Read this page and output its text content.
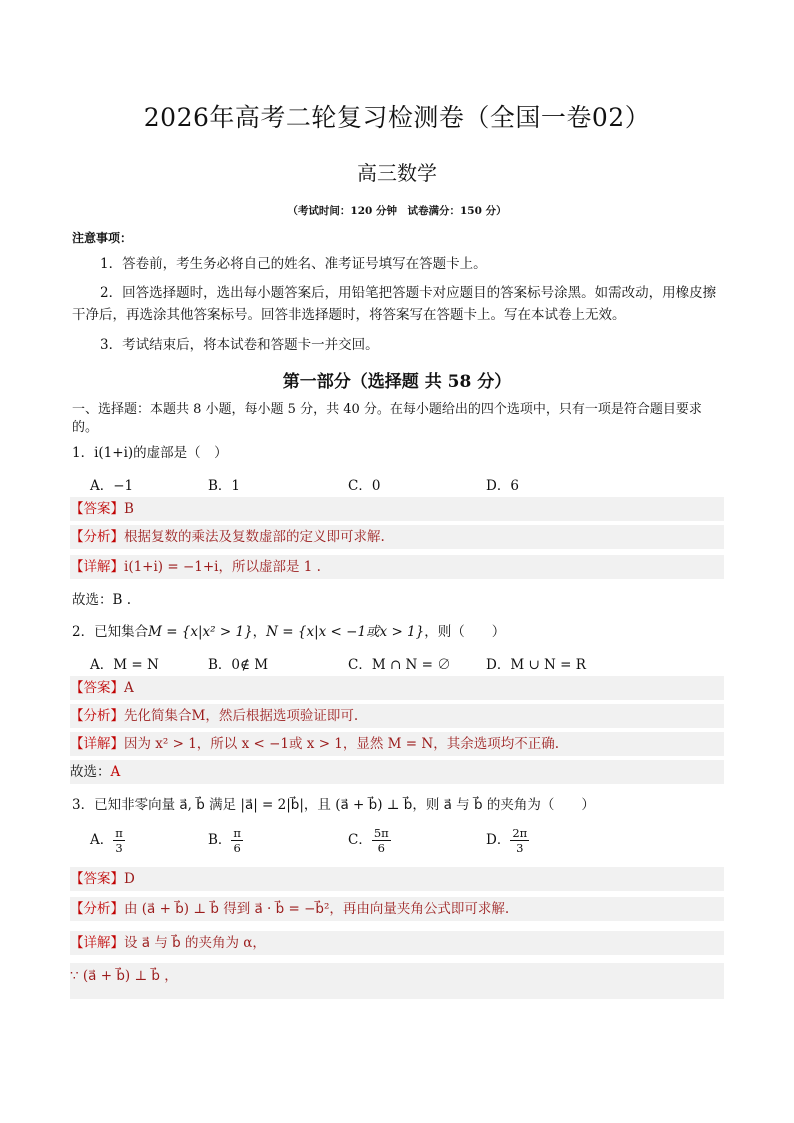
2026年高考二轮复习检测卷（全国一卷02）
高三数学
（考试时间：120 分钟　试卷满分：150 分）
注意事项：
1．答卷前，考生务必将自己的姓名、准考证号填写在答题卡上。
2．回答选择题时，选出每小题答案后，用铅笔把答题卡对应题目的答案标号涂黑。如需改动，用橡皮擦干净后，再选涂其他答案标号。回答非选择题时，将答案写在答题卡上。写在本试卷上无效。
3．考试结束后，将本试卷和答题卡一并交回。
第一部分（选择题 共 58 分）
一、选择题：本题共 8 小题，每小题 5 分，共 40 分。在每小题给出的四个选项中，只有一项是符合题目要求的。
1．i(1+i)的虚部是（　）
A．−1	B．1	C．0	D．6
【答案】B
【分析】根据复数的乘法及复数虚部的定义即可求解.
【详解】i(1+i) = −1+i，所以虚部是 1 .
故选：B .
2．已知集合M = {x|x² > 1}，N = {x|x < −1或x > 1}，则（　　）
A．M = N	B．0∉ M	C．M ∩ N = ∅	D．M ∪ N = R
【答案】A
【分析】先化简集合M，然后根据选项验证即可.
【详解】因为 x² > 1，所以 x < −1或 x > 1，显然 M = N，其余选项均不正确.
故选：A
3．已知非零向量 a⃗, b⃗ 满足 |a⃗| = 2|b⃗|，且 (a⃗ + b⃗) ⊥ b⃗，则 a⃗ 与 b⃗ 的夹角为（　　）
A． $\frac{\pi}{3}$	B． $\frac{\pi}{6}$	C． $\frac{5\pi}{6}$	D． $\frac{2\pi}{3}$
【答案】D
【分析】由 (a⃗ + b⃗) ⊥ b⃗ 得到 a⃗ · b⃗ = −b⃗²，再由向量夹角公式即可求解.
【详解】设 a⃗ 与 b⃗ 的夹角为 α，
∵ (a⃗ + b⃗) ⊥ b⃗ ，
